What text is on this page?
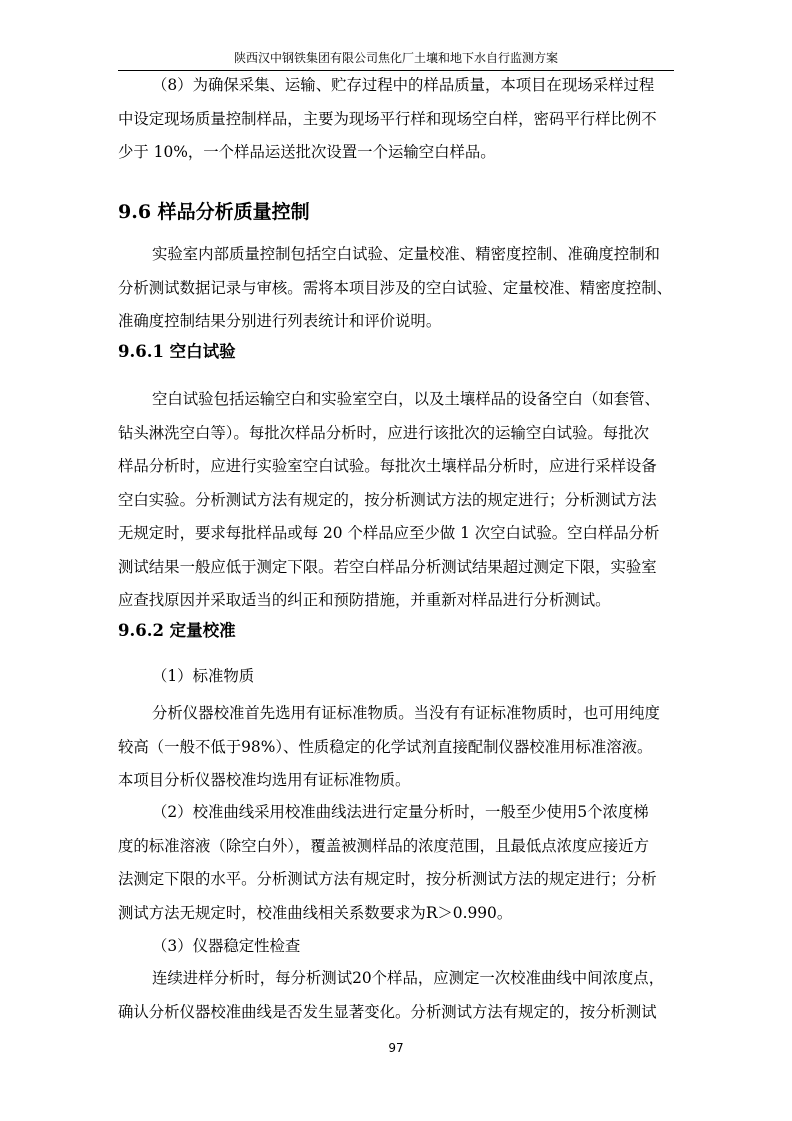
陕西汉中钢铁集团有限公司焦化厂土壤和地下水自行监测方案
（8）为确保采集、运输、贮存过程中的样品质量，本项目在现场采样过程
中设定现场质量控制样品，主要为现场平行样和现场空白样，密码平行样比例不
少于 10%，一个样品运送批次设置一个运输空白样品。
9.6 样品分析质量控制
实验室内部质量控制包括空白试验、定量校准、精密度控制、准确度控制和
分析测试数据记录与审核。需将本项目涉及的空白试验、定量校准、精密度控制、
准确度控制结果分别进行列表统计和评价说明。
9.6.1 空白试验
空白试验包括运输空白和实验室空白，以及土壤样品的设备空白（如套管、
钻头淋洗空白等）。每批次样品分析时，应进行该批次的运输空白试验。每批次
样品分析时，应进行实验室空白试验。每批次土壤样品分析时，应进行采样设备
空白实验。分析测试方法有规定的，按分析测试方法的规定进行；分析测试方法
无规定时，要求每批样品或每 20 个样品应至少做 1 次空白试验。空白样品分析
测试结果一般应低于测定下限。若空白样品分析测试结果超过测定下限，实验室
应查找原因并采取适当的纠正和预防措施，并重新对样品进行分析测试。
9.6.2 定量校准
（1）标准物质
分析仪器校准首先选用有证标准物质。当没有有证标准物质时，也可用纯度
较高（一般不低于98%）、性质稳定的化学试剂直接配制仪器校准用标准溶液。
本项目分析仪器校准均选用有证标准物质。
（2）校准曲线采用校准曲线法进行定量分析时，一般至少使用5个浓度梯
度的标准溶液（除空白外），覆盖被测样品的浓度范围，且最低点浓度应接近方
法测定下限的水平。分析测试方法有规定时，按分析测试方法的规定进行；分析
测试方法无规定时，校准曲线相关系数要求为R＞0.990。
（3）仪器稳定性检查
连续进样分析时，每分析测试20个样品，应测定一次校准曲线中间浓度点，
确认分析仪器校准曲线是否发生显著变化。分析测试方法有规定的，按分析测试
97
